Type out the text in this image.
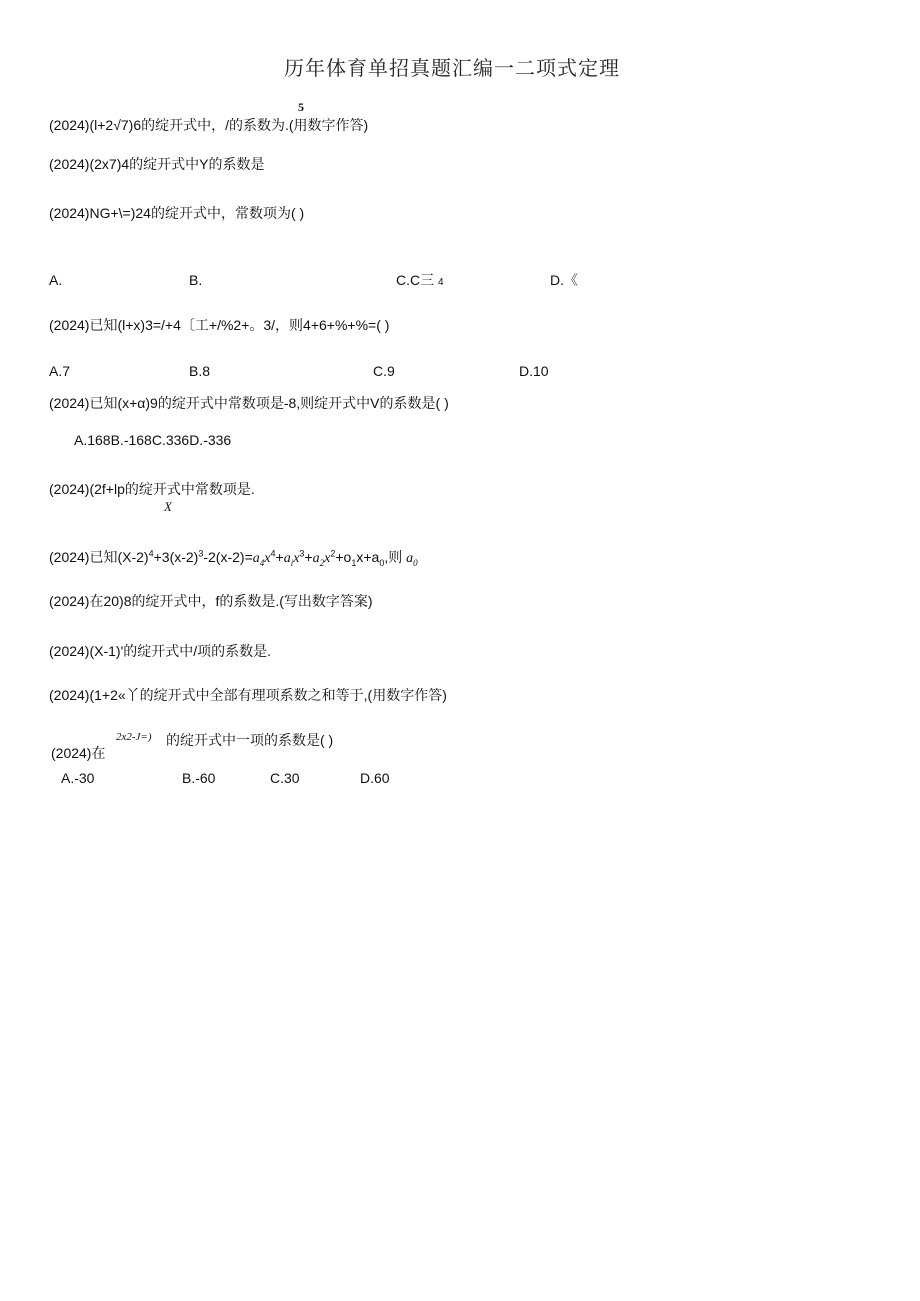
历年体育单招真题汇编一二项式定理
5
(2024)(l+2√7)6的绽开式中，/的系数为.(用数字作答)
(2024)(2x7)4的绽开式中Y的系数是
(2024)NG+\=)24的绽开式中，常数项为( )
A.	B.	C.C三 4	D.《
(2024)已知(l+x)3=/+4〔工+/%2+。3/，则4+6+%+%=( )
A.7	B.8	C.9	D.10
(2024)已知(x+α)9的绽开式中常数项是-8,则绽开式中V的系数是( )
A.168B.-168C.336D.-336
(2024)(2f+lp的绽开式中常数项是.
X
(2024)已知$(X-2)^4+3(x-2)^3-2(x-2)=a_4x^4+a_ix^3+a_2x^2+o_1x+a_0$,则 $a_0$
(2024)在20)8的绽开式中，f的系数是.(写出数字答案)
(2024)(X-1)'的绽开式中/项的系数是.
(2024)(1+2«丫的绽开式中全部有理项系数之和等于,(用数字作答)
2x2-J=) 的绽开式中一项的系数是( )
(2024)在
A.-30	B.-60	C.30	D.60
